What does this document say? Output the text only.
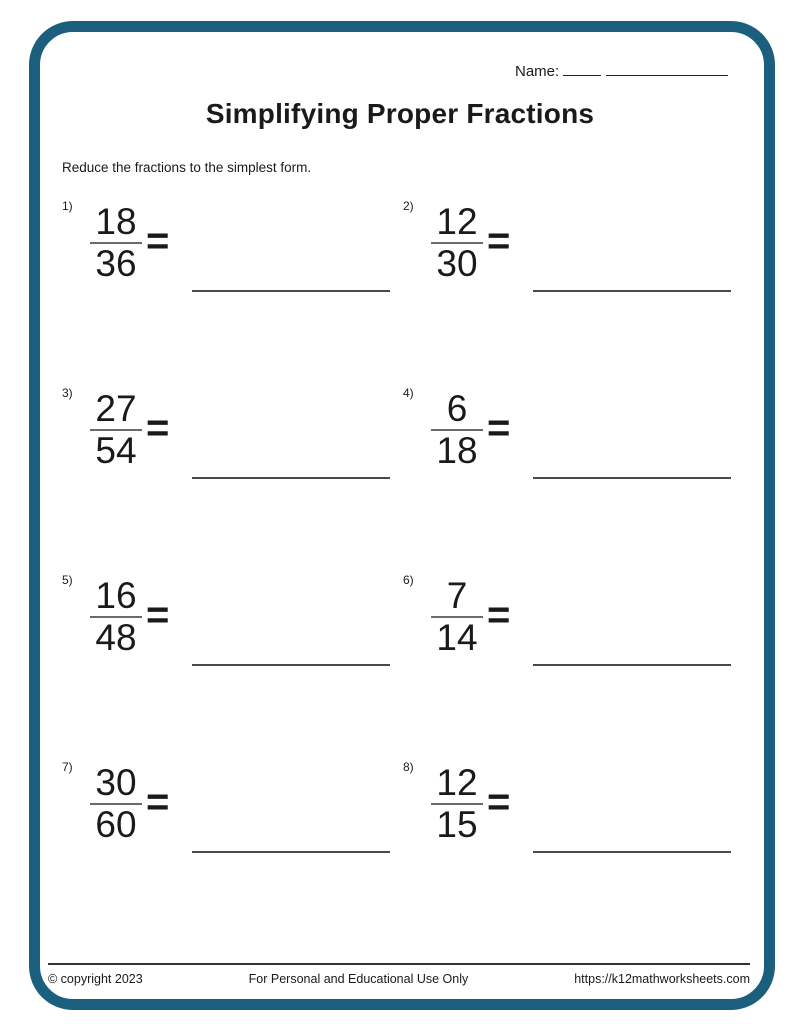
Name:
Simplifying Proper Fractions

Reduce the fractions to the simplest form.

$1) \frac{18}{36}$ =
$2) \frac{12}{30}$ =
$3) \frac{27}{54}$ =
$4) \frac{6}{18}$ =
$5) \frac{16}{48}$ =
$6) \frac{7}{14}$ =
$7) \frac{30}{60}$ =
$8) \frac{12}{15}$ =
© copyright 2023	For Personal and Educational Use Only	https://k12mathworksheets.com
